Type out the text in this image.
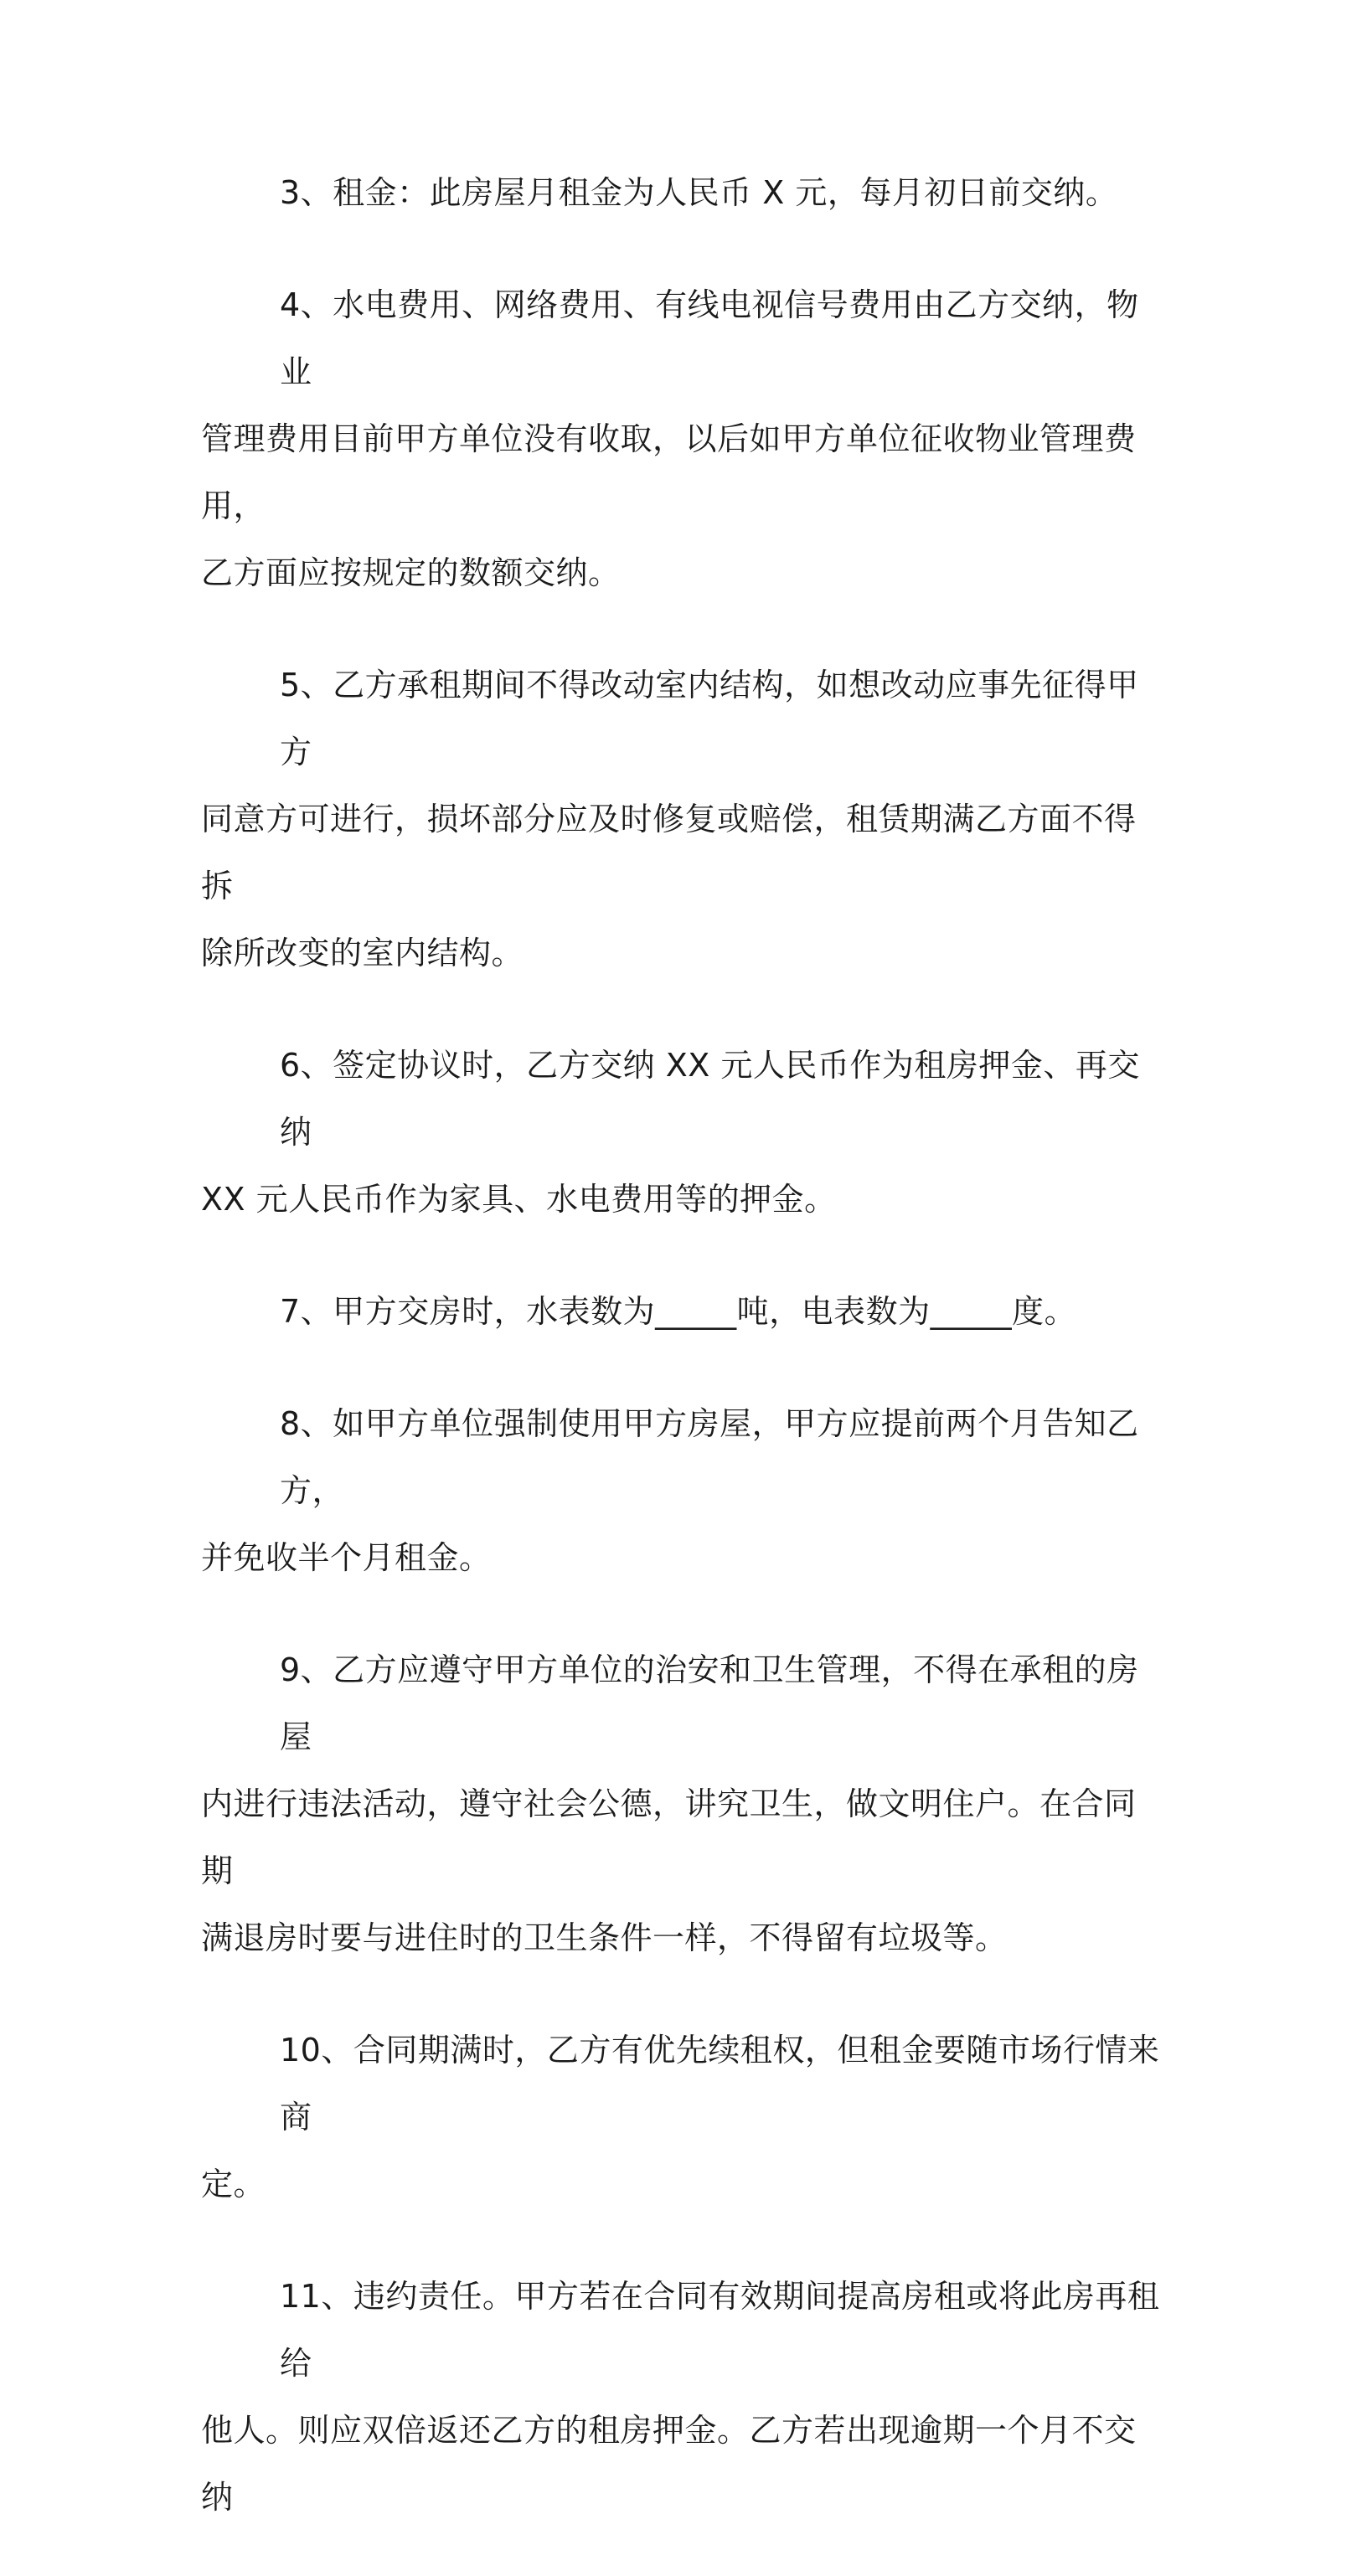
3、租金：此房屋月租金为人民币 X 元，每月初日前交纳。

4、水电费用、网络费用、有线电视信号费用由乙方交纳，物业
管理费用目前甲方单位没有收取，以后如甲方单位征收物业管理费用，
乙方面应按规定的数额交纳。

5、乙方承租期间不得改动室内结构，如想改动应事先征得甲方
同意方可进行，损坏部分应及时修复或赔偿，租赁期满乙方面不得拆
除所改变的室内结构。

6、签定协议时，乙方交纳 XX 元人民币作为租房押金、再交纳
XX 元人民币作为家具、水电费用等的押金。

7、甲方交房时，水表数为_____吨，电表数为_____度。

8、如甲方单位强制使用甲方房屋，甲方应提前两个月告知乙方，
并免收半个月租金。

9、乙方应遵守甲方单位的治安和卫生管理，不得在承租的房屋
内进行违法活动，遵守社会公德，讲究卫生，做文明住户。在合同期
满退房时要与进住时的卫生条件一样，不得留有垃圾等。

10、合同期满时，乙方有优先续租权，但租金要随市场行情来商
定。

11、违约责任。甲方若在合同有效期间提高房租或将此房再租给
他人。则应双倍返还乙方的租房押金。乙方若出现逾期一个月不交纳
